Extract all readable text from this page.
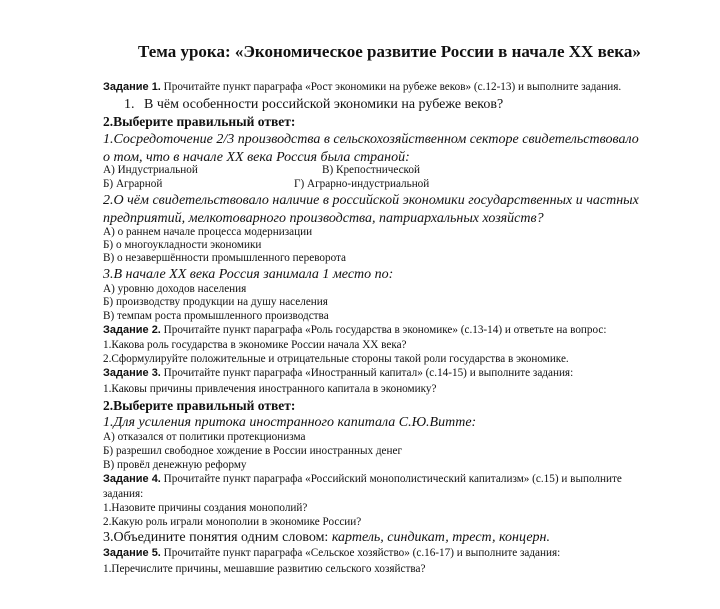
Тема урока: «Экономическое развитие России в начале XX века»
Задание 1. Прочитайте пункт параграфа «Рост экономики на рубеже веков» (с.12-13) и выполните задания.
1. В чём особенности российской экономики на рубеже веков?
2.Выберите правильный ответ:
1.Сосредоточение 2/3 производства в сельскохозяйственном секторе свидетельствовало
о том, что в начале XX века Россия была страной:
А) Индустриальной	В) Крепостнической
Б) Аграрной	Г) Аграрно-индустриальной
2.О чём свидетельствовало наличие в российской экономики государственных и частных
предприятий, мелкотоварного производства, патриархальных хозяйств?
А) о раннем начале процесса модернизации
Б) о многоукладности экономики
В) о незавершённости промышленного переворота
3.В начале XX века Россия занимала 1 место по:
А) уровню доходов населения
Б) производству продукции на душу населения
В) темпам роста промышленного производства
Задание 2. Прочитайте пункт параграфа «Роль государства в экономике» (с.13-14) и ответьте на вопрос:
1.Какова роль государства в экономике России начала XX века?
2.Сформулируйте положительные и отрицательные стороны такой роли государства в экономике.
Задание 3. Прочитайте пункт параграфа «Иностранный капитал» (с.14-15) и выполните задания:
1.Каковы причины привлечения иностранного капитала в экономику?
2.Выберите правильный ответ:
1.Для усиления притока иностранного капитала С.Ю.Витте:
А) отказался от политики протекционизма
Б) разрешил свободное хождение в России иностранных денег
В) провёл денежную реформу
Задание 4. Прочитайте пункт параграфа «Российский монополистический капитализм» (с.15) и выполните
задания:
1.Назовите причины создания монополий?
2.Какую роль играли монополии в экономике России?
3.Объедините понятия одним словом: картель, синдикат, трест, концерн.
Задание 5. Прочитайте пункт параграфа «Сельское хозяйство» (с.16-17) и выполните задания:
1.Перечислите причины, мешавшие развитию сельского хозяйства?
